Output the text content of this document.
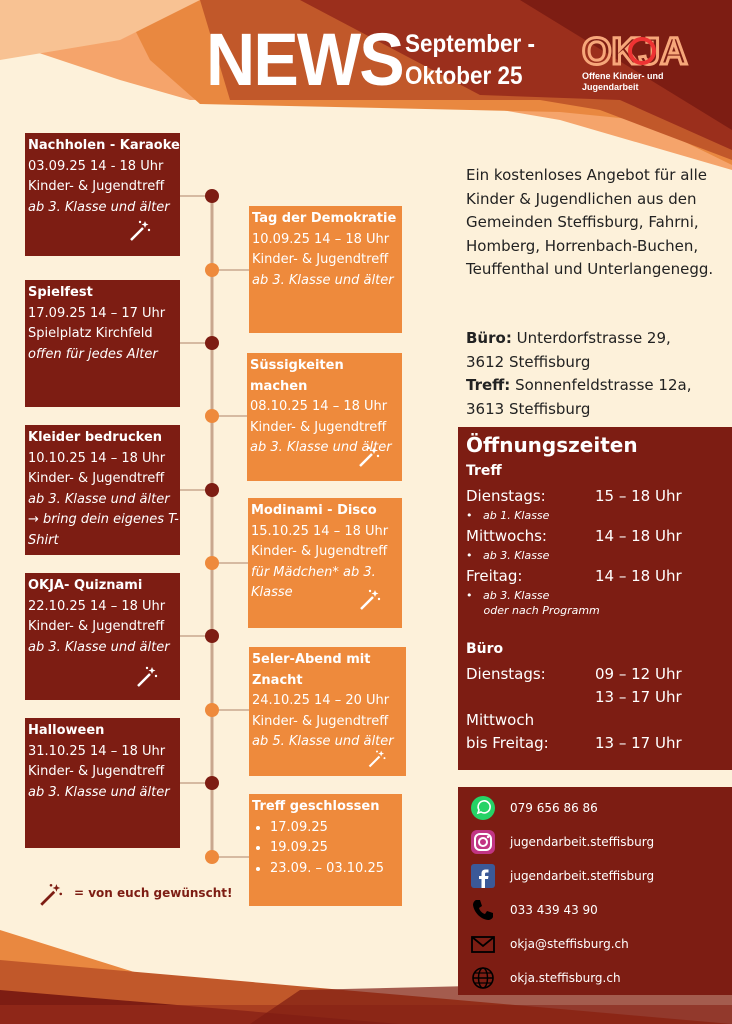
NEWS September -
Oktober 25
OKJA
Offene Kinder- und
Jugendarbeit
Nachholen - Karaoke
03.09.25 14 - 18 Uhr
Kinder- & Jugendtreff
ab 3. Klasse und älter
Spielfest
17.09.25 14 – 17 Uhr
Spielplatz Kirchfeld
offen für jedes Alter
Kleider bedrucken
10.10.25 14 – 18 Uhr
Kinder- & Jugendtreff
ab 3. Klasse und älter
→ bring dein eigenes T-Shirt
OKJA- Quiznami
22.10.25 14 – 18 Uhr
Kinder- & Jugendtreff
ab 3. Klasse und älter
Halloween
31.10.25 14 – 18 Uhr
Kinder- & Jugendtreff
ab 3. Klasse und älter
Tag der Demokratie
10.09.25 14 – 18 Uhr
Kinder- & Jugendtreff
ab 3. Klasse und älter
Süssigkeiten machen
08.10.25 14 – 18 Uhr
Kinder- & Jugendtreff
ab 3. Klasse und älter
Modinami - Disco
15.10.25 14 – 18 Uhr
Kinder- & Jugendtreff
für Mädchen* ab 3. Klasse
5eler-Abend mit Znacht
24.10.25 14 – 20 Uhr
Kinder- & Jugendtreff
ab 5. Klasse und älter
Treff geschlossen
• 17.09.25
• 19.09.25
• 23.09. – 03.10.25
= von euch gewünscht!
Ein kostenloses Angebot für alle Kinder & Jugendlichen aus den Gemeinden Steffisburg, Fahrni, Homberg, Horrenbach-Buchen, Teuffenthal und Unterlangenegg.
Büro: Unterdorfstrasse 29,
3612 Steffisburg
Treff: Sonnenfeldstrasse 12a,
3613 Steffisburg
Öffnungszeiten
Treff
Dienstags:	15 – 18 Uhr
•   ab 1. Klasse
Mittwochs:	14 – 18 Uhr
•   ab 3. Klasse
Freitag:	14 – 18 Uhr
•   ab 3. Klasse
oder nach Programm
Büro
Dienstags:	09 – 12 Uhr
13 – 17 Uhr
Mittwoch
bis Freitag:	13 – 17 Uhr
079 656 86 86
jugendarbeit.steffisburg
jugendarbeit.steffisburg
033 439 43 90
okja@steffisburg.ch
okja.steffisburg.ch
